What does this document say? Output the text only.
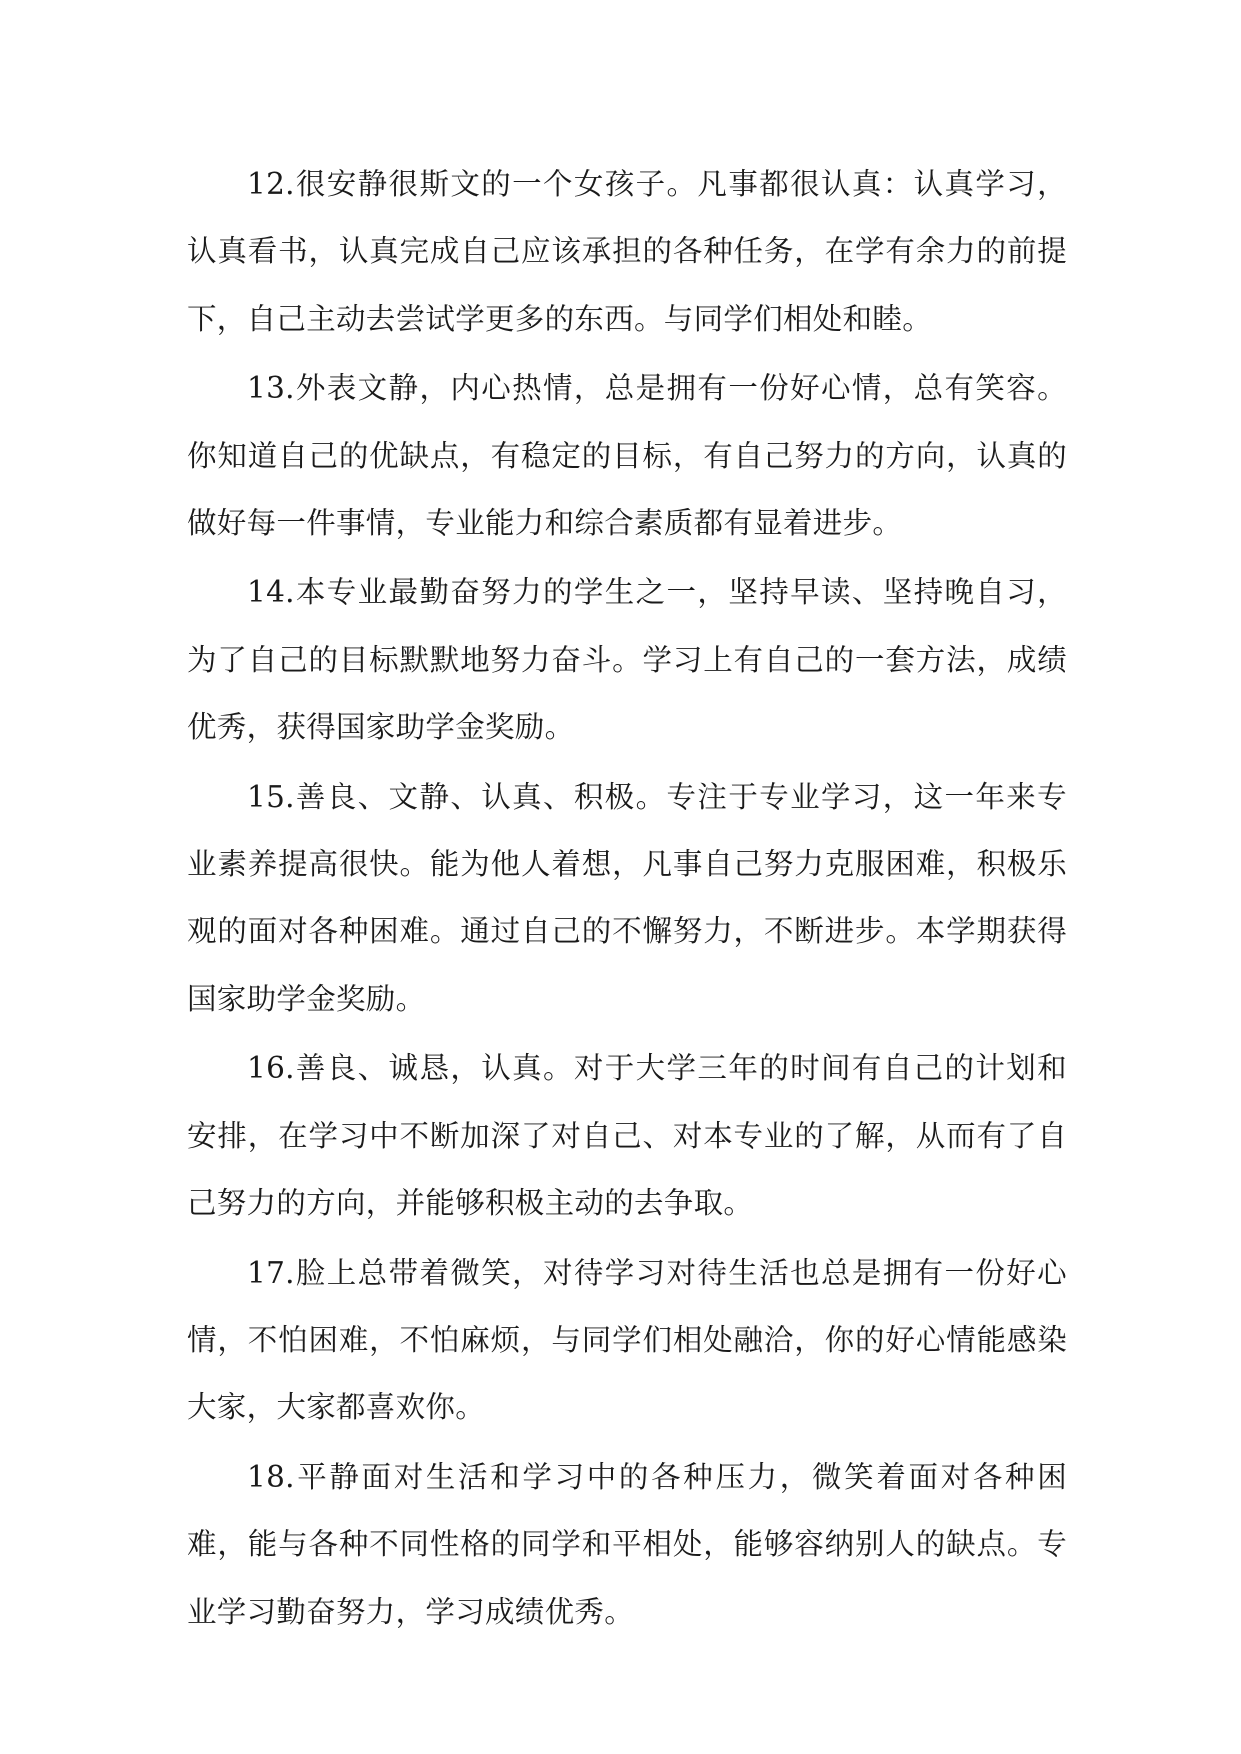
12.很安静很斯文的一个女孩子。凡事都很认真：认真学习，认真看书，认真完成自己应该承担的各种任务，在学有余力的前提下，自己主动去尝试学更多的东西。与同学们相处和睦。

13.外表文静，内心热情，总是拥有一份好心情，总有笑容。你知道自己的优缺点，有稳定的目标，有自己努力的方向，认真的做好每一件事情，专业能力和综合素质都有显着进步。

14.本专业最勤奋努力的学生之一，坚持早读、坚持晚自习，为了自己的目标默默地努力奋斗。学习上有自己的一套方法，成绩优秀，获得国家助学金奖励。

15.善良、文静、认真、积极。专注于专业学习，这一年来专业素养提高很快。能为他人着想，凡事自己努力克服困难，积极乐观的面对各种困难。通过自己的不懈努力，不断进步。本学期获得国家助学金奖励。

16.善良、诚恳，认真。对于大学三年的时间有自己的计划和安排，在学习中不断加深了对自己、对本专业的了解，从而有了自己努力的方向，并能够积极主动的去争取。

17.脸上总带着微笑，对待学习对待生活也总是拥有一份好心情，不怕困难，不怕麻烦，与同学们相处融洽，你的好心情能感染大家，大家都喜欢你。

18.平静面对生活和学习中的各种压力，微笑着面对各种困难，能与各种不同性格的同学和平相处，能够容纳别人的缺点。专业学习勤奋努力，学习成绩优秀。
